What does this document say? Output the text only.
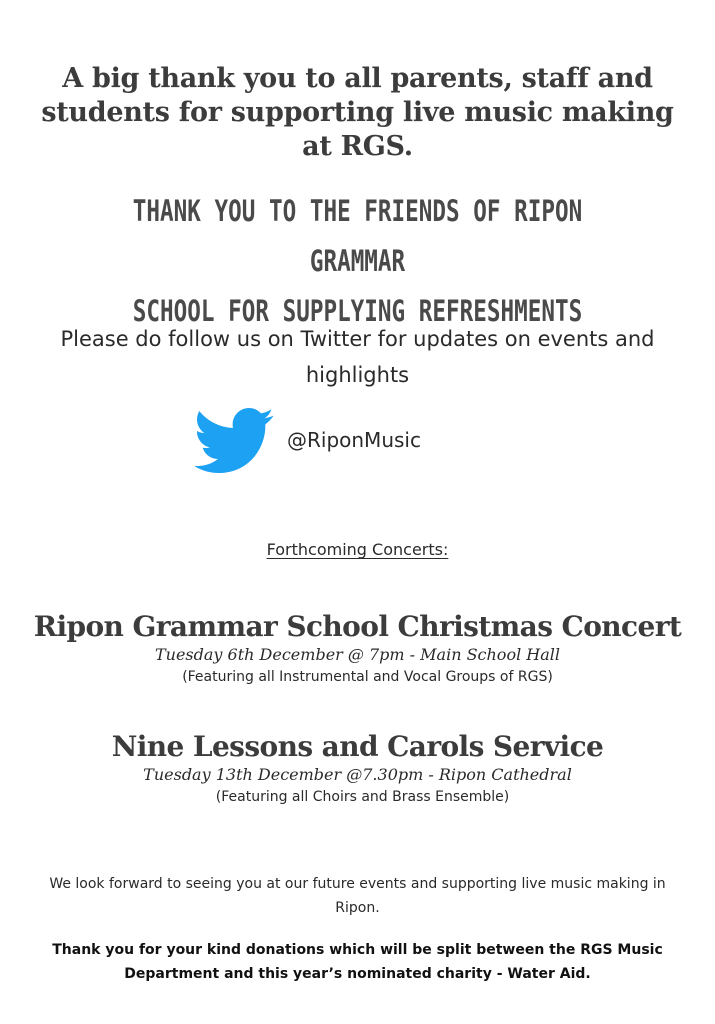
A big thank you to all parents, staff and
students for supporting live music making
at RGS.
THANK YOU TO THE FRIENDS OF RIPON GRAMMAR
SCHOOL FOR SUPPLYING REFRESHMENTS
Please do follow us on Twitter for updates on events and
highlights
@RiponMusic
Forthcoming Concerts:
Ripon Grammar School Christmas Concert
Tuesday 6th December @ 7pm - Main School Hall
(Featuring all Instrumental and Vocal Groups of RGS)
Nine Lessons and Carols Service
Tuesday 13th December @7.30pm - Ripon Cathedral
(Featuring all Choirs and Brass Ensemble)
We look forward to seeing you at our future events and supporting live music making in
Ripon.
Thank you for your kind donations which will be split between the RGS Music
Department and this year’s nominated charity - Water Aid.
